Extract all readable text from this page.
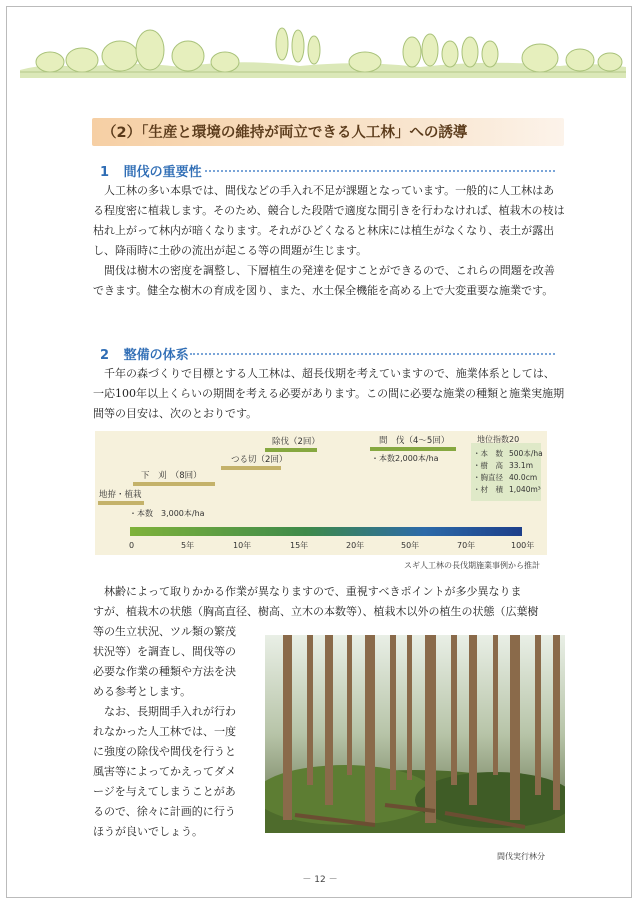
（2）「生産と環境の維持が両立できる人工林」への誘導
1 間伐の重要性

人工林の多い本県では、間伐などの手入れ不足が課題となっています。一般的に人工林はある程度密に植栽します。そのため、競合した段階で適度な間引きを行わなければ、植栽木の枝は枯れ上がって林内が暗くなります。それがひどくなると林床には植生がなくなり、表土が露出し、降雨時に土砂の流出が起こる等の問題が生じます。

間伐は樹木の密度を調整し、下層植生の発達を促すことができるので、これらの問題を改善できます。健全な樹木の育成を図り、また、水土保全機能を高める上で大変重要な施業です。

2 整備の体系

千年の森づくりで目標とする人工林は、超長伐期を考えていますので、施業体系としては、一応100年以上くらいの期間を考える必要があります。この間に必要な施業の種類と施業実施期間等の目安は、次のとおりです。

地拵・植栽
下　刈　（8回）
つる切（2回）
除伐（2回）	間　伐（4～5回）
・本数　3,000本/ha
・本数2,000本/ha
地位指数20
・本　数 500本/ha
・樹　高 33.1m
・胸直径 40.0cm
・材　積 1,040m³
0	5年	10年	15年	20年	50年	70年	100年
スギ人工林の長伐期施業事例から推計

林齢によって取りかかる作業が異なりますので、重視すべきポイントが多少異なりま

すが、植栽木の状態（胸高直径、樹高、立木の本数等）、植栽木以外の植生の状態（広葉樹

等の生立状況、ツル類の繁茂

状況等）を調査し、間伐等の

必要な作業の種類や方法を決

める参考とします。

なお、長期間手入れが行わ

れなかった人工林では、一度

に強度の除伐や間伐を行うと

風害等によってかえってダメ

ージを与えてしまうことがあ

るので、徐々に計画的に行う

ほうが良いでしょう。

間伐実行林分
－ 12 －
